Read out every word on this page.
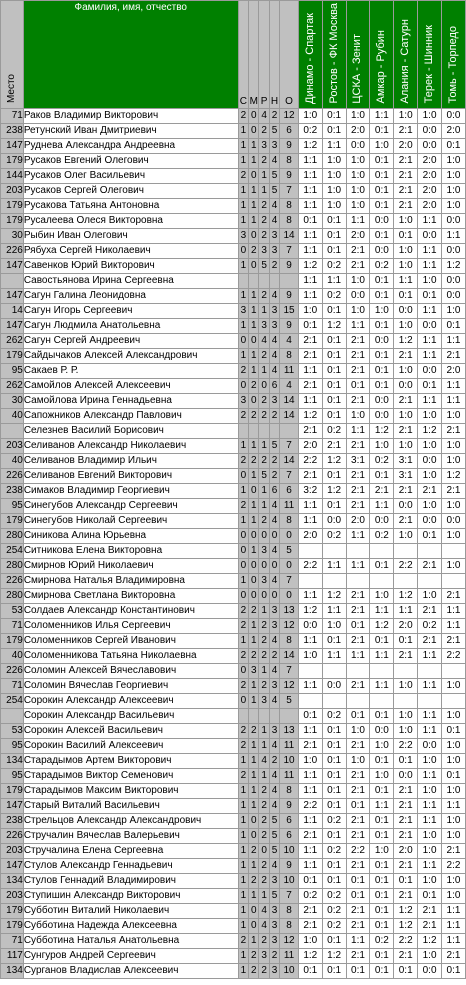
Место	Фамилия, имя, отчество	С	М	Р	Н	О	Динамо - Спартак	Ростов - ФК Москва	ЦСКА - Зенит	Амкар - Рубин	Алания - Сатурн	Терек - Шинник	Томь - Торпедо
71	Раков Владимир Викторович	2	0	4	2	12	1:0	0:1	1:0	1:1	1:0	1:0	0:0
238	Ретунский Иван Дмитриевич	1	0	2	5	6	0:2	0:1	2:0	0:1	2:1	0:0	2:0
147	Руднева Александра Андреевна	1	1	3	3	9	1:2	1:1	0:0	1:0	2:0	0:0	0:1
179	Русаков Евгений Олегович	1	1	2	4	8	1:1	1:0	1:0	0:1	2:1	2:0	1:0
144	Русаков Олег Васильевич	2	0	1	5	9	1:1	1:0	1:0	0:1	2:1	2:0	1:0
203	Русаков Сергей Олегович	1	1	1	5	7	1:1	1:0	1:0	0:1	2:1	2:0	1:0
179	Русакова Татьяна Антоновна	1	1	2	4	8	1:1	1:0	1:0	0:1	2:1	2:0	1:0
179	Русалеева Олеся Викторовна	1	1	2	4	8	0:1	0:1	1:1	0:0	1:0	1:1	0:0
30	Рыбин Иван Олегович	3	0	2	3	14	1:1	0:1	2:0	0:1	0:1	0:0	1:1
226	Рябуха Сергей Николаевич	0	2	3	3	7	1:1	0:1	2:1	0:0	1:0	1:1	0:0
147	Савенков Юрий Викторович	1	0	5	2	9	1:2	0:2	2:1	0:2	1:0	1:1	1:2
	Савостьянова Ирина Сергеевна						1:1	1:1	1:0	0:1	1:1	1:0	0:0
147	Сагун Галина Леонидовна	1	1	2	4	9	1:1	0:2	0:0	0:1	0:1	0:1	0:0
14	Сагун Игорь Сергеевич	3	1	1	3	15	1:0	0:1	1:0	1:0	0:0	1:1	1:0
147	Сагун Людмила Анатольевна	1	1	3	3	9	0:1	1:2	1:1	0:1	1:0	0:0	0:1
262	Сагун Сергей Андреевич	0	0	4	4	4	2:1	0:1	2:1	0:0	1:2	1:1	1:1
179	Сайдычаков Алексей Александрович	1	1	2	4	8	2:1	0:1	2:1	0:1	2:1	1:1	2:1
95	Сакаев Р. Р.	2	1	1	4	11	1:1	0:1	2:1	0:1	1:0	0:0	2:0
262	Самойлов Алексей Алексеевич	0	2	0	6	4	2:1	0:1	0:1	0:1	0:0	0:1	1:1
30	Самойлова Ирина Геннадьевна	3	0	2	3	14	1:1	0:1	2:1	0:0	2:1	1:1	1:1
40	Сапожников Александр Павлович	2	2	2	2	14	1:2	0:1	1:0	0:0	1:0	1:0	1:0
	Селезнев Василий Борисович						2:1	0:2	1:1	1:2	2:1	1:2	2:1
203	Селиванов Александр Николаевич	1	1	1	5	7	2:0	2:1	2:1	1:0	1:0	1:0	1:0
40	Селиванов Владимир Ильич	2	2	2	2	14	2:2	1:2	3:1	0:2	3:1	0:0	1:0
226	Селиванов Евгений Викторович	0	1	5	2	7	2:1	0:1	2:1	0:1	3:1	1:0	1:2
238	Симаков Владимир Георгиевич	1	0	1	6	6	3:2	1:2	2:1	2:1	2:1	2:1	2:1
95	Синегубов Александр Сергеевич	2	1	1	4	11	1:1	0:1	2:1	1:1	0:0	1:0	1:0
179	Синегубов Николай Сергеевич	1	1	2	4	8	1:1	0:0	2:0	0:0	2:1	0:0	0:0
280	Синикова Алина Юрьевна	0	0	0	0	0	2:0	0:2	1:1	0:2	1:0	0:1	1:0
254	Ситникова Елена Викторовна	0	1	3	4	5							
280	Смирнов Юрий Николаевич	0	0	0	0	0	2:2	1:1	1:1	0:1	2:2	2:1	1:0
226	Смирнова Наталья Владимировна	1	0	3	4	7							
280	Смирнова Светлана Викторовна	0	0	0	0	0	1:1	1:2	2:1	1:0	1:2	1:0	2:1
53	Солдаев Александр Константинович	2	2	1	3	13	1:2	1:1	2:1	1:1	1:1	2:1	1:1
71	Соломенников Илья Сергеевич	2	1	2	3	12	0:0	1:0	0:1	1:2	2:0	0:2	1:1
179	Соломенников Сергей Иванович	1	1	2	4	8	1:1	0:1	2:1	0:1	0:1	2:1	2:1
40	Соломенникова Татьяна Николаевна	2	2	2	2	14	1:0	1:1	1:1	1:1	2:1	1:1	2:2
226	Соломин Алексей Вячеславович	0	3	1	4	7							
71	Соломин Вячеслав Георгиевич	2	1	2	3	12	1:1	0:0	2:1	1:1	1:0	1:1	1:0
254	Сорокин Александр Алексеевич	0	1	3	4	5							
	Сорокин Александр Васильевич						0:1	0:2	0:1	0:1	1:0	1:1	1:0
53	Сорокин Алексей Васильевич	2	2	1	3	13	1:1	0:1	1:0	0:0	1:0	1:1	0:1
95	Сорокин Василий Алексеевич	2	1	1	4	11	2:1	0:1	2:1	1:0	2:2	0:0	1:0
134	Старадымов Артем Викторович	1	1	4	2	10	1:0	0:1	1:0	0:1	0:1	1:0	1:0
95	Старадымов Виктор Семенович	2	1	1	4	11	1:1	0:1	2:1	1:0	0:0	1:1	0:1
179	Старадымов Максим Викторович	1	1	2	4	8	1:1	0:1	2:1	0:1	2:1	1:0	1:0
147	Старый Виталий Васильевич	1	1	2	4	9	2:2	0:1	0:1	1:1	2:1	1:1	1:1
238	Стрельцов Александр Александрович	1	0	2	5	6	1:1	0:2	2:1	0:1	2:1	1:1	1:0
226	Стручалин Вячеслав Валерьевич	1	0	2	5	6	2:1	0:1	2:1	0:1	2:1	1:0	1:0
203	Стручалина Елена Сергеевна	1	2	0	5	10	1:1	0:2	2:2	1:0	2:0	1:0	2:1
147	Стулов Александр Геннадьевич	1	1	2	4	9	1:1	0:1	2:1	0:1	2:1	1:1	2:2
134	Стулов Геннадий Владимирович	1	2	2	3	10	0:1	0:1	0:1	0:1	0:1	1:0	1:0
203	Ступишин Александр Викторович	1	1	1	5	7	0:2	0:2	0:1	0:1	2:1	0:1	1:0
179	Субботин Виталий Николаевич	1	0	4	3	8	2:1	0:2	2:1	0:1	1:2	2:1	1:1
179	Субботина Надежда Алексеевна	1	0	4	3	8	2:1	0:2	2:1	0:1	1:2	2:1	1:1
71	Субботина Наталья Анатольевна	2	1	2	3	12	1:0	0:1	1:1	0:2	2:2	1:2	1:1
117	Сунгуров Андрей Сергеевич	1	2	3	2	11	1:2	1:2	2:1	0:1	2:1	1:0	2:1
134	Сурганов Владислав Алексеевич	1	2	2	3	10	0:1	0:1	0:1	0:1	0:1	0:0	0:1
